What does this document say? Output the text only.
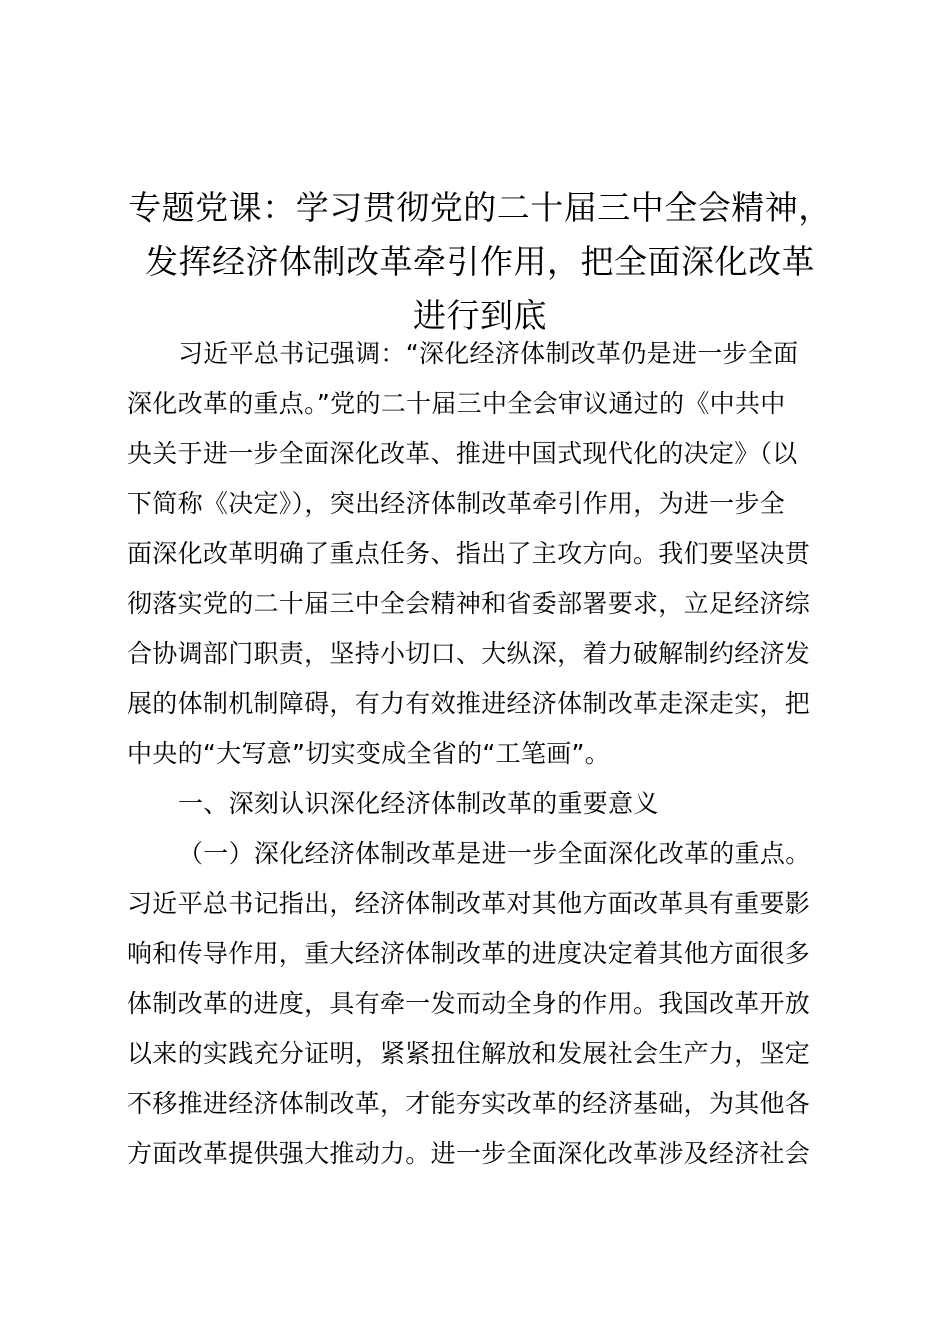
专题党课：学习贯彻党的二十届三中全会精神，
发挥经济体制改革牵引作用，把全面深化改革
进行到底
习近平总书记强调：“深化经济体制改革仍是进一步全面
深化改革的重点。”党的二十届三中全会审议通过的《中共中
央关于进一步全面深化改革、推进中国式现代化的决定》（以
下简称《决定》），突出经济体制改革牵引作用，为进一步全
面深化改革明确了重点任务、指出了主攻方向。我们要坚决贯
彻落实党的二十届三中全会精神和省委部署要求，立足经济综
合协调部门职责，坚持小切口、大纵深，着力破解制约经济发
展的体制机制障碍，有力有效推进经济体制改革走深走实，把
中央的“大写意”切实变成全省的“工笔画”。
一、深刻认识深化经济体制改革的重要意义
（一）深化经济体制改革是进一步全面深化改革的重点。
习近平总书记指出，经济体制改革对其他方面改革具有重要影
响和传导作用，重大经济体制改革的进度决定着其他方面很多
体制改革的进度，具有牵一发而动全身的作用。我国改革开放
以来的实践充分证明，紧紧扭住解放和发展社会生产力，坚定
不移推进经济体制改革，才能夯实改革的经济基础，为其他各
方面改革提供强大推动力。进一步全面深化改革涉及经济社会
